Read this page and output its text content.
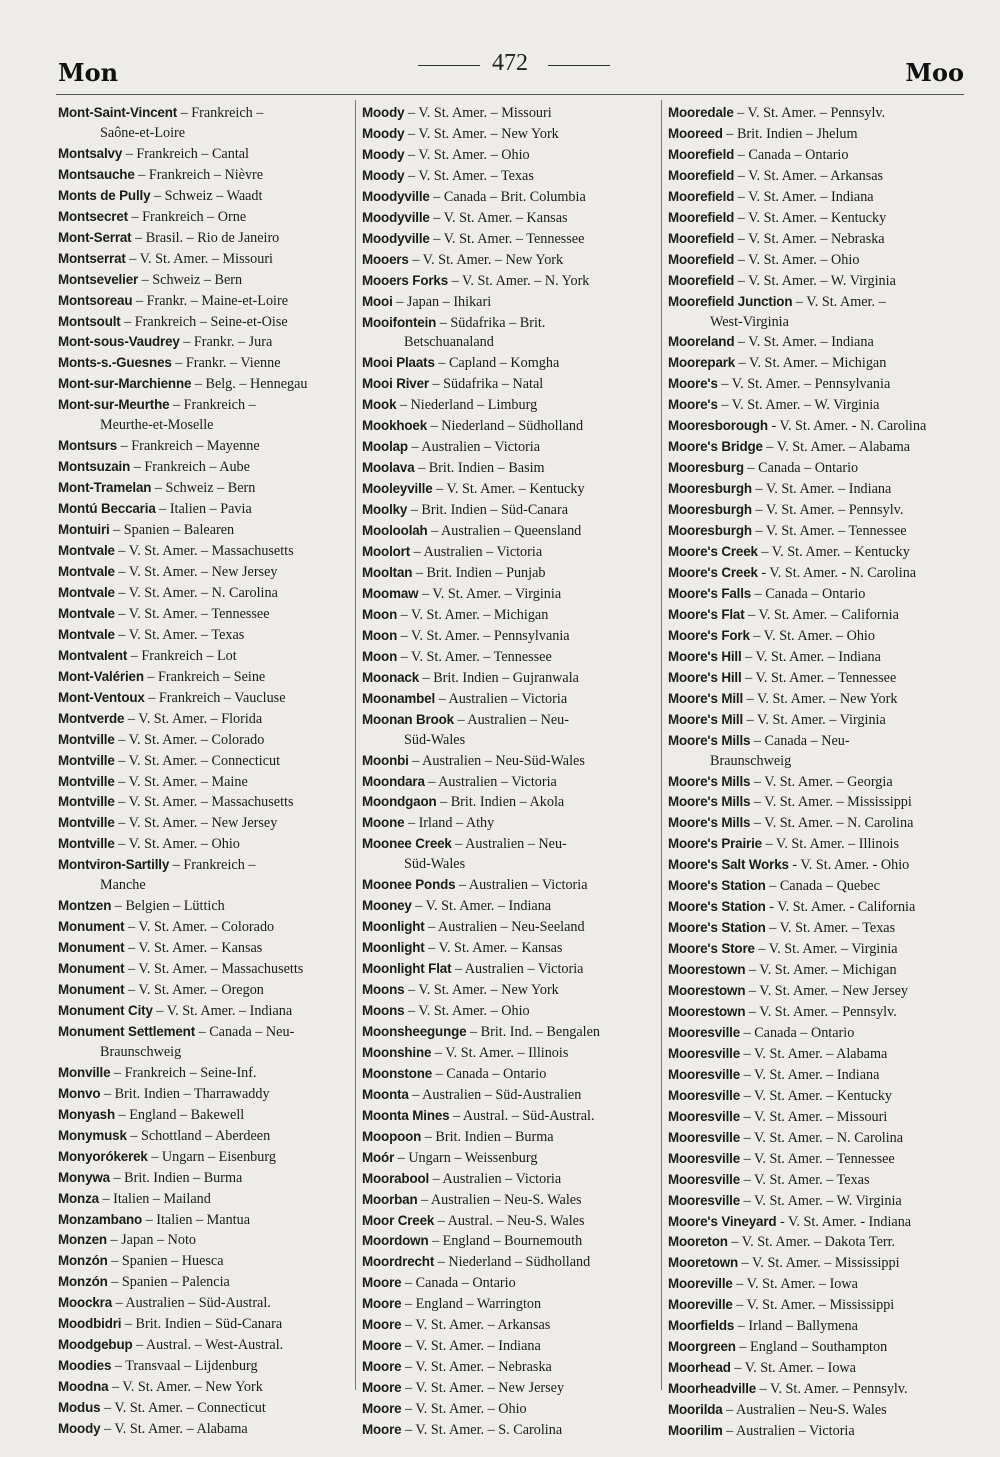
Mon	472	Moo
Mont-Saint-Vincent – Frankreich –
Saône-et-Loire
Montsalvy – Frankreich – Cantal
Montsauche – Frankreich – Nièvre
Monts de Pully – Schweiz – Waadt
Montsecret – Frankreich – Orne
Mont-Serrat – Brasil. – Rio de Janeiro
Montserrat – V. St. Amer. – Missouri
Montsevelier – Schweiz – Bern
Montsoreau – Frankr. – Maine-et-Loire
Montsoult – Frankreich – Seine-et-Oise
Mont-sous-Vaudrey – Frankr. – Jura
Monts-s.-Guesnes – Frankr. – Vienne
Mont-sur-Marchienne – Belg. – Hennegau
Mont-sur-Meurthe – Frankreich –
Meurthe-et-Moselle
Montsurs – Frankreich – Mayenne
Montsuzain – Frankreich – Aube
Mont-Tramelan – Schweiz – Bern
Montú Beccaria – Italien – Pavia
Montuiri – Spanien – Balearen
Montvale – V. St. Amer. – Massachusetts
Montvale – V. St. Amer. – New Jersey
Montvale – V. St. Amer. – N. Carolina
Montvale – V. St. Amer. – Tennessee
Montvale – V. St. Amer. – Texas
Montvalent – Frankreich – Lot
Mont-Valérien – Frankreich – Seine
Mont-Ventoux – Frankreich – Vaucluse
Montverde – V. St. Amer. – Florida
Montville – V. St. Amer. – Colorado
Montville – V. St. Amer. – Connecticut
Montville – V. St. Amer. – Maine
Montville – V. St. Amer. – Massachusetts
Montville – V. St. Amer. – New Jersey
Montville – V. St. Amer. – Ohio
Montviron-Sartilly – Frankreich –
Manche
Montzen – Belgien – Lüttich
Monument – V. St. Amer. – Colorado
Monument – V. St. Amer. – Kansas
Monument – V. St. Amer. – Massachusetts
Monument – V. St. Amer. – Oregon
Monument City – V. St. Amer. – Indiana
Monument Settlement – Canada – Neu-
Braunschweig
Monville – Frankreich – Seine-Inf.
Monvo – Brit. Indien – Tharrawaddy
Monyash – England – Bakewell
Monymusk – Schottland – Aberdeen
Monyorókerek – Ungarn – Eisenburg
Monywa – Brit. Indien – Burma
Monza – Italien – Mailand
Monzambano – Italien – Mantua
Monzen – Japan – Noto
Monzón – Spanien – Huesca
Monzón – Spanien – Palencia
Moockra – Australien – Süd-Austral.
Moodbidri – Brit. Indien – Süd-Canara
Moodgebup – Austral. – West-Austral.
Moodies – Transvaal – Lijdenburg
Moodna – V. St. Amer. – New York
Modus – V. St. Amer. – Connecticut
Moody – V. St. Amer. – Alabama
Moody – V. St. Amer. – Missouri
Moody – V. St. Amer. – New York
Moody – V. St. Amer. – Ohio
Moody – V. St. Amer. – Texas
Moodyville – Canada – Brit. Columbia
Moodyville – V. St. Amer. – Kansas
Moodyville – V. St. Amer. – Tennessee
Mooers – V. St. Amer. – New York
Mooers Forks – V. St. Amer. – N. York
Mooi – Japan – Ihikari
Mooifontein – Südafrika – Brit.
Betschuanaland
Mooi Plaats – Capland – Komgha
Mooi River – Südafrika – Natal
Mook – Niederland – Limburg
Mookhoek – Niederland – Südholland
Moolap – Australien – Victoria
Moolava – Brit. Indien – Basim
Mooleyville – V. St. Amer. – Kentucky
Moolky – Brit. Indien – Süd-Canara
Mooloolah – Australien – Queensland
Moolort – Australien – Victoria
Mooltan – Brit. Indien – Punjab
Moomaw – V. St. Amer. – Virginia
Moon – V. St. Amer. – Michigan
Moon – V. St. Amer. – Pennsylvania
Moon – V. St. Amer. – Tennessee
Moonack – Brit. Indien – Gujranwala
Moonambel – Australien – Victoria
Moonan Brook – Australien – Neu-
Süd-Wales
Moonbi – Australien – Neu-Süd-Wales
Moondara – Australien – Victoria
Moondgaon – Brit. Indien – Akola
Moone – Irland – Athy
Moonee Creek – Australien – Neu-
Süd-Wales
Moonee Ponds – Australien – Victoria
Mooney – V. St. Amer. – Indiana
Moonlight – Australien – Neu-Seeland
Moonlight – V. St. Amer. – Kansas
Moonlight Flat – Australien – Victoria
Moons – V. St. Amer. – New York
Moons – V. St. Amer. – Ohio
Moonsheegunge – Brit. Ind. – Bengalen
Moonshine – V. St. Amer. – Illinois
Moonstone – Canada – Ontario
Moonta – Australien – Süd-Australien
Moonta Mines – Austral. – Süd-Austral.
Moopoon – Brit. Indien – Burma
Moór – Ungarn – Weissenburg
Moorabool – Australien – Victoria
Moorban – Australien – Neu-S. Wales
Moor Creek – Austral. – Neu-S. Wales
Moordown – England – Bournemouth
Moordrecht – Niederland – Südholland
Moore – Canada – Ontario
Moore – England – Warrington
Moore – V. St. Amer. – Arkansas
Moore – V. St. Amer. – Indiana
Moore – V. St. Amer. – Nebraska
Moore – V. St. Amer. – New Jersey
Moore – V. St. Amer. – Ohio
Moore – V. St. Amer. – S. Carolina
Mooredale – V. St. Amer. – Pennsylv.
Mooreed – Brit. Indien – Jhelum
Moorefield – Canada – Ontario
Moorefield – V. St. Amer. – Arkansas
Moorefield – V. St. Amer. – Indiana
Moorefield – V. St. Amer. – Kentucky
Moorefield – V. St. Amer. – Nebraska
Moorefield – V. St. Amer. – Ohio
Moorefield – V. St. Amer. – W. Virginia
Moorefield Junction – V. St. Amer. –
West-Virginia
Mooreland – V. St. Amer. – Indiana
Moorepark – V. St. Amer. – Michigan
Moore's – V. St. Amer. – Pennsylvania
Moore's – V. St. Amer. – W. Virginia
Mooresborough - V. St. Amer. - N. Carolina
Moore's Bridge – V. St. Amer. – Alabama
Mooresburg – Canada – Ontario
Mooresburgh – V. St. Amer. – Indiana
Mooresburgh – V. St. Amer. – Pennsylv.
Mooresburgh – V. St. Amer. – Tennessee
Moore's Creek – V. St. Amer. – Kentucky
Moore's Creek - V. St. Amer. - N. Carolina
Moore's Falls – Canada – Ontario
Moore's Flat – V. St. Amer. – California
Moore's Fork – V. St. Amer. – Ohio
Moore's Hill – V. St. Amer. – Indiana
Moore's Hill – V. St. Amer. – Tennessee
Moore's Mill – V. St. Amer. – New York
Moore's Mill – V. St. Amer. – Virginia
Moore's Mills – Canada – Neu-
Braunschweig
Moore's Mills – V. St. Amer. – Georgia
Moore's Mills – V. St. Amer. – Mississippi
Moore's Mills – V. St. Amer. – N. Carolina
Moore's Prairie – V. St. Amer. – Illinois
Moore's Salt Works - V. St. Amer. - Ohio
Moore's Station – Canada – Quebec
Moore's Station - V. St. Amer. - California
Moore's Station – V. St. Amer. – Texas
Moore's Store – V. St. Amer. – Virginia
Moorestown – V. St. Amer. – Michigan
Moorestown – V. St. Amer. – New Jersey
Moorestown – V. St. Amer. – Pennsylv.
Mooresville – Canada – Ontario
Mooresville – V. St. Amer. – Alabama
Mooresville – V. St. Amer. – Indiana
Mooresville – V. St. Amer. – Kentucky
Mooresville – V. St. Amer. – Missouri
Mooresville – V. St. Amer. – N. Carolina
Mooresville – V. St. Amer. – Tennessee
Mooresville – V. St. Amer. – Texas
Mooresville – V. St. Amer. – W. Virginia
Moore's Vineyard - V. St. Amer. - Indiana
Mooreton – V. St. Amer. – Dakota Terr.
Mooretown – V. St. Amer. – Mississippi
Mooreville – V. St. Amer. – Iowa
Mooreville – V. St. Amer. – Mississippi
Moorfields – Irland – Ballymena
Moorgreen – England – Southampton
Moorhead – V. St. Amer. – Iowa
Moorheadville – V. St. Amer. – Pennsylv.
Moorilda – Australien – Neu-S. Wales
Moorilim – Australien – Victoria
